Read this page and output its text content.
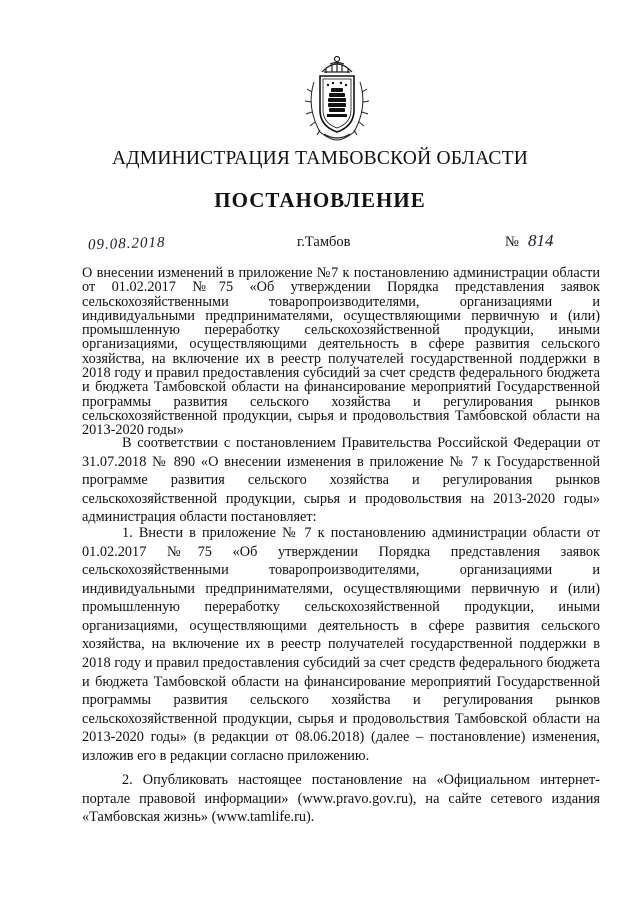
АДМИНИСТРАЦИЯ ТАМБОВСКОЙ ОБЛАСТИ
ПОСТАНОВЛЕНИЕ
09.08.2018	г.Тамбов	№ 814
О внесении изменений в приложение №7 к постановлению администрации области от 01.02.2017 №75 «Об утверждении Порядка представления заявок сельскохозяйственными товаропроизводителями, организациями и индивидуальными предпринимателями, осуществляющими первичную и (или) промышленную переработку сельскохозяйственной продукции, иными организациями, осуществляющими деятельность в сфере развития сельского хозяйства, на включение их в реестр получателей государственной поддержки в 2018 году и правил предоставления субсидий за счет средств федерального бюджета и бюджета Тамбовской области на финансирование мероприятий Государственной программы развития сельского хозяйства и регулирования рынков сельскохозяйственной продукции, сырья и продовольствия Тамбовской области на 2013-2020 годы»
В соответствии с постановлением Правительства Российской Федерации от 31.07.2018 № 890 «О внесении изменения в приложение № 7 к Государственной программе развития сельского хозяйства и регулирования рынков сельскохозяйственной продукции, сырья и продовольствия на 2013-2020 годы» администрация области постановляет:
1. Внести в приложение № 7 к постановлению администрации области от 01.02.2017 №75 «Об утверждении Порядка представления заявок сельскохозяйственными товаропроизводителями, организациями и индивидуальными предпринимателями, осуществляющими первичную и (или) промышленную переработку сельскохозяйственной продукции, иными организациями, осуществляющими деятельность в сфере развития сельского хозяйства, на включение их в реестр получателей государственной поддержки в 2018 году и правил предоставления субсидий за счет средств федерального бюджета и бюджета Тамбовской области на финансирование мероприятий Государственной программы развития сельского хозяйства и регулирования рынков сельскохозяйственной продукции, сырья и продовольствия Тамбовской области на 2013-2020 годы» (в редакции от 08.06.2018) (далее – постановление) изменения, изложив его в редакции согласно приложению.
2. Опубликовать настоящее постановление на «Официальном интернет-портале правовой информации» (www.pravo.gov.ru), на сайте сетевого издания «Тамбовская жизнь» (www.tamlife.ru).
